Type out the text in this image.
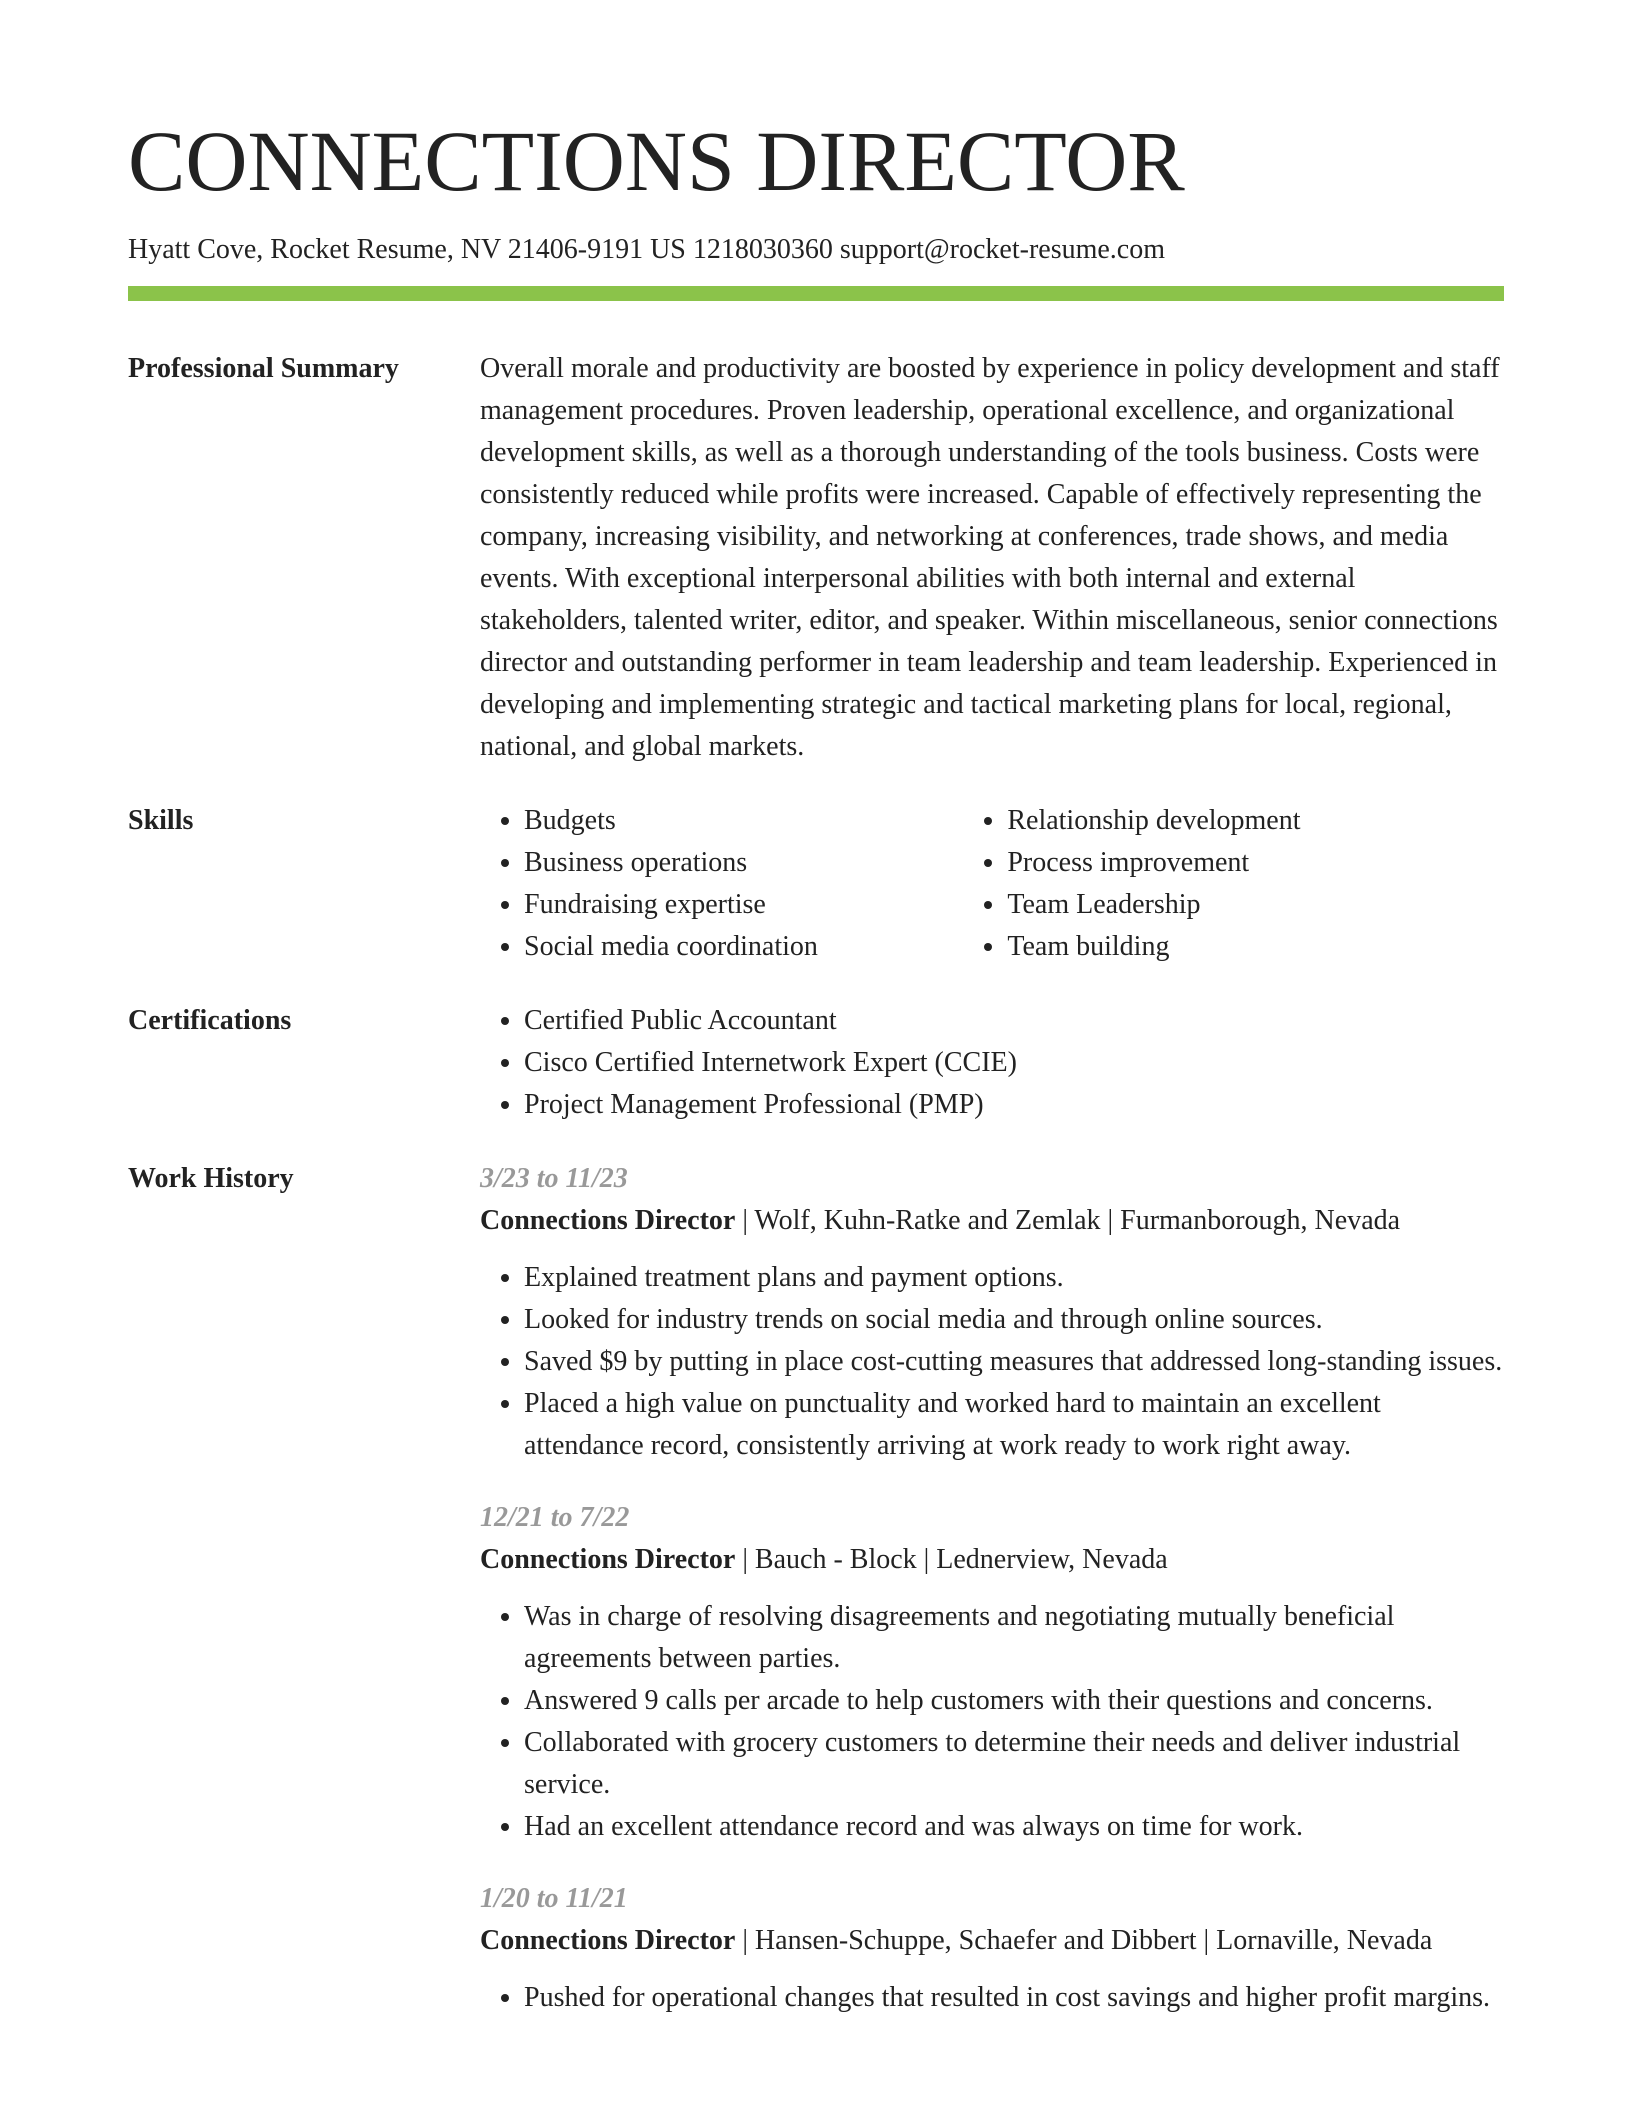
CONNECTIONS DIRECTOR
Hyatt Cove, Rocket Resume, NV 21406-9191 US 1218030360 support@rocket-resume.com
Professional Summary	Overall morale and productivity are boosted by experience in policy development and staff management procedures. Proven leadership, operational excellence, and organizational development skills, as well as a thorough understanding of the tools business. Costs were consistently reduced while profits were increased. Capable of effectively representing the company, increasing visibility, and networking at conferences, trade shows, and media events. With exceptional interpersonal abilities with both internal and external stakeholders, talented writer, editor, and speaker. Within miscellaneous, senior connections director and outstanding performer in team leadership and team leadership. Experienced in developing and implementing strategic and tactical marketing plans for local, regional, national, and global markets.

Skills	• Budgets
• Business operations
• Fundraising expertise
• Social media coordination
• Relationship development
• Process improvement
• Team Leadership
• Team building
Certifications	• Certified Public Accountant
• Cisco Certified Internetwork Expert (CCIE)
• Project Management Professional (PMP)
Work History	3/23 to 11/23
Connections Director | Wolf, Kuhn-Ratke and Zemlak | Furmanborough, Nevada
• Explained treatment plans and payment options.
• Looked for industry trends on social media and through online sources.
• Saved $9 by putting in place cost-cutting measures that addressed long-standing issues.
• Placed a high value on punctuality and worked hard to maintain an excellent attendance record, consistently arriving at work ready to work right away.
12/21 to 7/22
Connections Director | Bauch - Block | Lednerview, Nevada
• Was in charge of resolving disagreements and negotiating mutually beneficial agreements between parties.
• Answered 9 calls per arcade to help customers with their questions and concerns.
• Collaborated with grocery customers to determine their needs and deliver industrial service.
• Had an excellent attendance record and was always on time for work.
1/20 to 11/21
Connections Director | Hansen-Schuppe, Schaefer and Dibbert | Lornaville, Nevada
• Pushed for operational changes that resulted in cost savings and higher profit margins.
